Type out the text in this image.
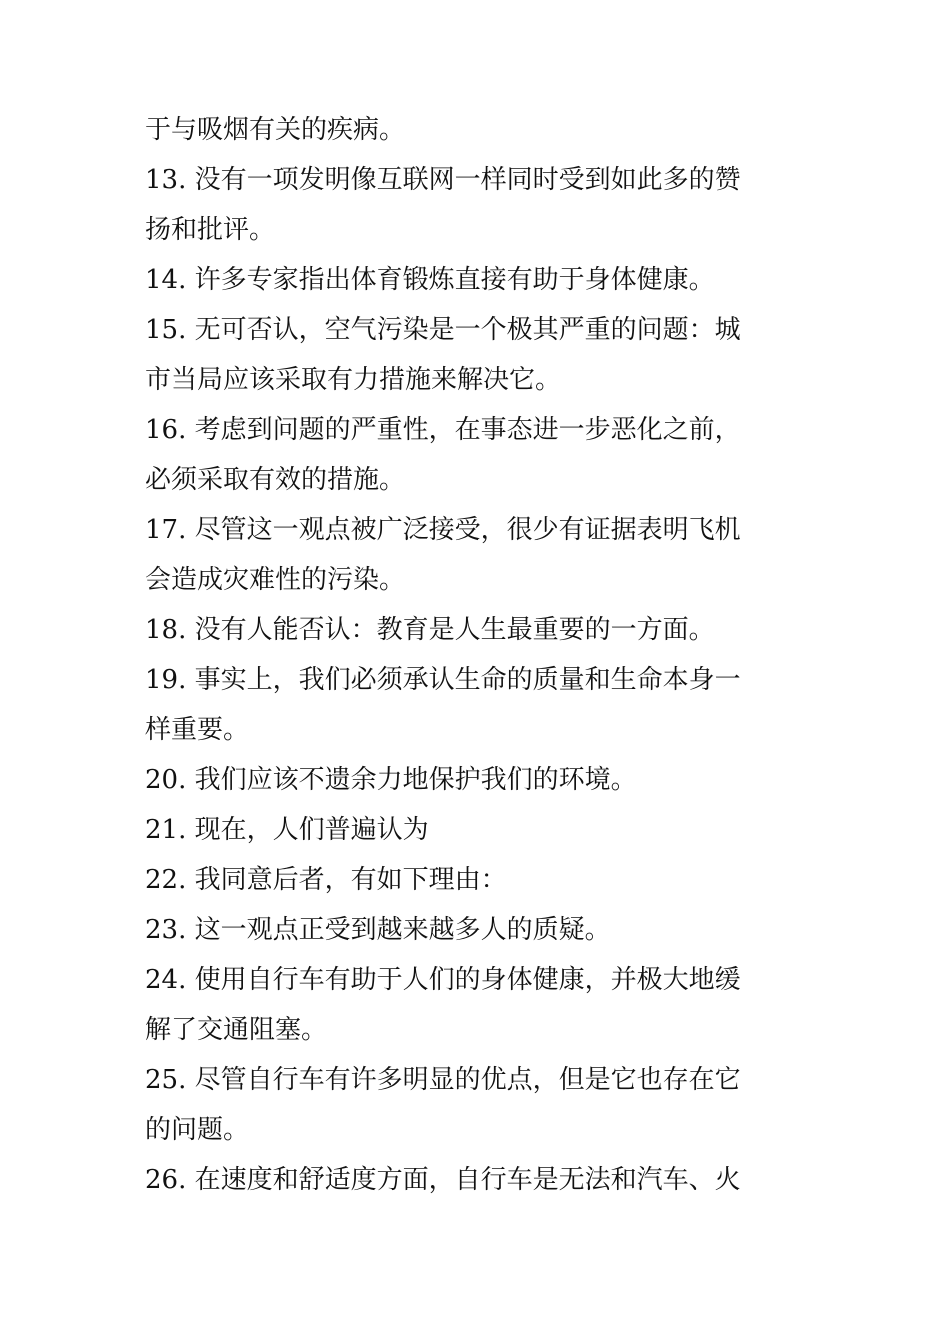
于与吸烟有关的疾病。
13. 没有一项发明像互联网一样同时受到如此多的赞
扬和批评。
14. 许多专家指出体育锻炼直接有助于身体健康。
15. 无可否认，空气污染是一个极其严重的问题：城
市当局应该采取有力措施来解决它。
16. 考虑到问题的严重性，在事态进一步恶化之前，
必须采取有效的措施。
17. 尽管这一观点被广泛接受，很少有证据表明飞机
会造成灾难性的污染。
18. 没有人能否认：教育是人生最重要的一方面。
19. 事实上，我们必须承认生命的质量和生命本身一
样重要。
20. 我们应该不遗余力地保护我们的环境。
21. 现在，人们普遍认为
22. 我同意后者，有如下理由：
23. 这一观点正受到越来越多人的质疑。
24. 使用自行车有助于人们的身体健康，并极大地缓
解了交通阻塞。
25. 尽管自行车有许多明显的优点，但是它也存在它
的问题。
26. 在速度和舒适度方面，自行车是无法和汽车、火
